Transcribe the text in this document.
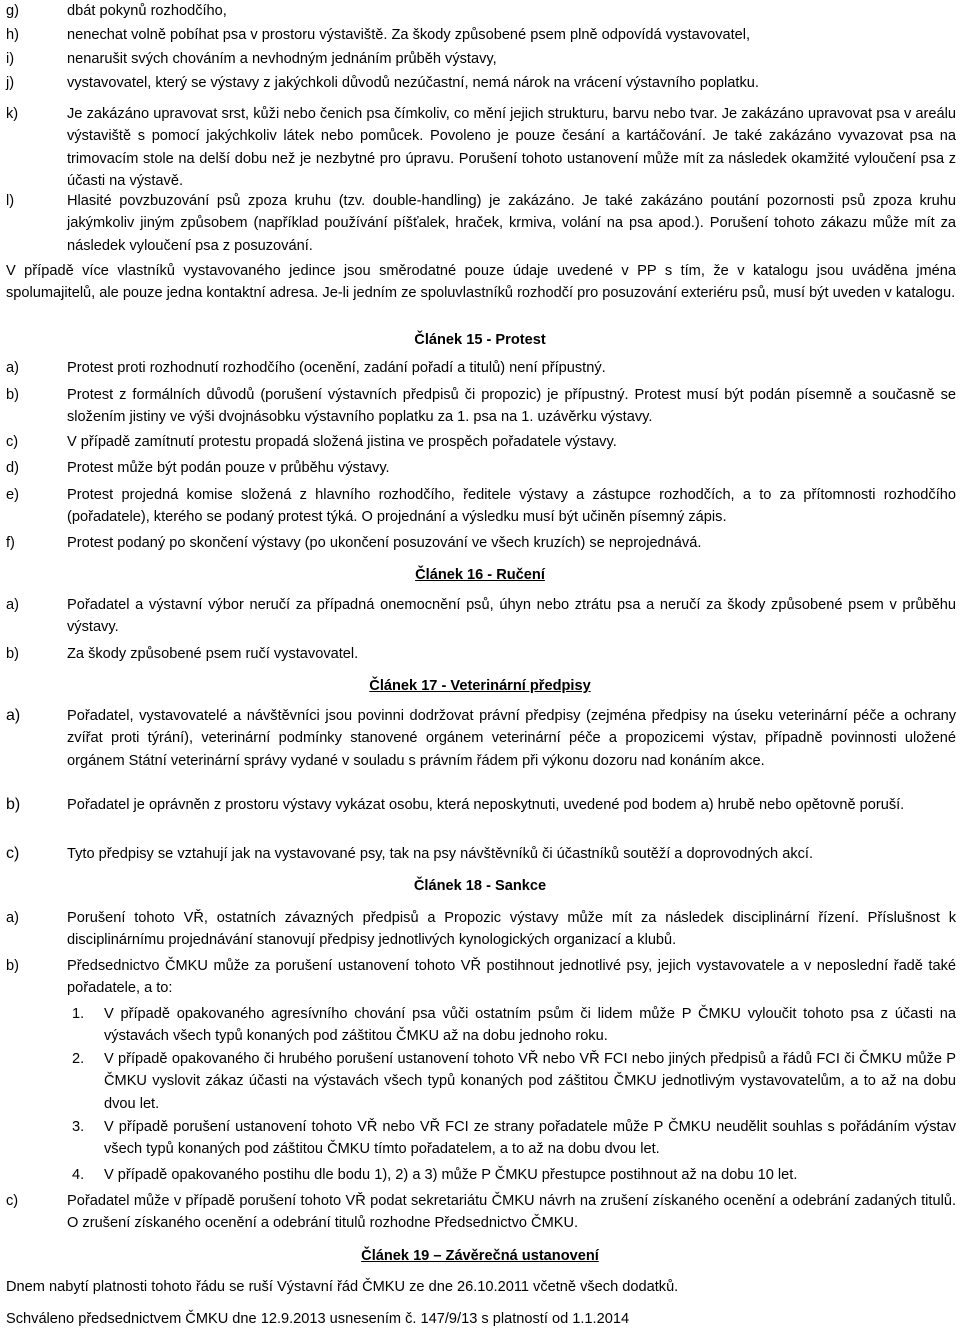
g)	dbát pokynů rozhodčího,
h)	nenechat volně pobíhat psa v prostoru výstaviště. Za škody způsobené psem plně odpovídá vystavovatel,
i)	nenarušit svých chováním a nevhodným jednáním průběh výstavy,
j)	vystavovatel, který se výstavy z jakýchkoli důvodů nezúčastní, nemá nárok na vrácení výstavního poplatku.
k)	Je zakázáno upravovat srst, kůži nebo čenich psa čímkoliv, co mění jejich strukturu, barvu nebo tvar. Je zakázáno upravovat psa v areálu výstaviště s pomocí jakýchkoliv látek nebo pomůcek. Povoleno je pouze česání a kartáčování. Je také zakázáno vyvazovat psa na trimovacím stole na delší dobu než je nezbytné pro úpravu. Porušení tohoto ustanovení může mít za následek okamžité vyloučení psa z účasti na výstavě.
l)	Hlasité povzbuzování psů zpoza kruhu (tzv. double-handling) je zakázáno. Je také zakázáno poutání pozornosti psů zpoza kruhu jakýmkoliv jiným způsobem (například používání píšťalek, hraček, krmiva, volání na psa apod.). Porušení tohoto zákazu může mít za následek vyloučení psa z posuzování.
V případě více vlastníků vystavovaného jedince jsou směrodatné pouze údaje uvedené v PP s tím, že v katalogu jsou uváděna jména spolumajitelů, ale pouze jedna kontaktní adresa. Je-li jedním ze spoluvlastníků rozhodčí pro posuzování exteriéru psů, musí být uveden v katalogu.
Článek 15 - Protest
a)	Protest proti rozhodnutí rozhodčího (ocenění, zadání pořadí a titulů) není přípustný.
b)	Protest z formálních důvodů (porušení výstavních předpisů či propozic) je přípustný. Protest musí být podán písemně a současně se složením jistiny ve výši dvojnásobku výstavního poplatku za 1. psa na 1. uzávěrku výstavy.
c)	V případě zamítnutí protestu propadá složená jistina ve prospěch pořadatele výstavy.
d)	Protest může být podán pouze v průběhu výstavy.
e)	Protest projedná komise složená z hlavního rozhodčího, ředitele výstavy a zástupce rozhodčích, a to za přítomnosti rozhodčího (pořadatele), kterého se podaný protest týká. O projednání a výsledku musí být učiněn písemný zápis.
f)	Protest podaný po skončení výstavy (po ukončení posuzování ve všech kruzích) se neprojednává.
Článek 16 - Ručení
a)	Pořadatel a výstavní výbor neručí za případná onemocnění psů, úhyn nebo ztrátu psa a neručí za škody způsobené psem v průběhu výstavy.
b)	Za škody způsobené psem ručí vystavovatel.
Článek 17 - Veterinární předpisy
a)	Pořadatel, vystavovatelé a návštěvníci jsou povinni dodržovat právní předpisy (zejména předpisy na úseku veterinární péče a ochrany zvířat proti týrání), veterinární podmínky stanovené orgánem veterinární péče a propozicemi výstav, případně povinnosti uložené orgánem Státní veterinární správy vydané v souladu s právním řádem při výkonu dozoru nad konáním akce.
b)	Pořadatel je oprávněn z prostoru výstavy vykázat osobu, která neposkytnuti, uvedené pod bodem a) hrubě nebo opětovně poruší.
c)	Tyto předpisy se vztahují jak na vystavované psy, tak na psy návštěvníků či účastníků soutěží a doprovodných akcí.
Článek 18 - Sankce
a)	Porušení tohoto VŘ, ostatních závazných předpisů a Propozic výstavy může mít za následek disciplinární řízení. Příslušnost k disciplinárnímu projednávání stanovují předpisy jednotlivých kynologických organizací a klubů.
b)	Předsednictvo ČMKU může za porušení ustanovení tohoto VŘ postihnout jednotlivé psy, jejich vystavovatele a v neposlední řadě také pořadatele, a to:
1. V případě opakovaného agresívního chování psa vůči ostatním psům či lidem může P ČMKU vyloučit tohoto psa z účasti na výstavách všech typů konaných pod záštitou ČMKU až na dobu jednoho roku.
2. V případě opakovaného či hrubého porušení ustanovení tohoto VŘ nebo VŘ FCI nebo jiných předpisů a řádů FCI či ČMKU může P ČMKU vyslovit zákaz účasti na výstavách všech typů konaných pod záštitou ČMKU jednotlivým vystavovatelům, a to až na dobu dvou let.
3. V případě porušení ustanovení tohoto VŘ nebo VŘ FCI ze strany pořadatele může P ČMKU neudělit souhlas s pořádáním výstav všech typů konaných pod záštitou ČMKU tímto pořadatelem, a to až na dobu dvou let.
4. V případě opakovaného postihu dle bodu 1), 2) a 3) může P ČMKU přestupce postihnout až na dobu 10 let.
c)	Pořadatel může v případě porušení tohoto VŘ podat sekretariátu ČMKU návrh na zrušení získaného ocenění a odebrání zadaných titulů. O zrušení získaného ocenění a odebrání titulů rozhodne Předsednictvo ČMKU.
Článek 19 – Závěrečná ustanovení
Dnem nabytí platnosti tohoto řádu se ruší Výstavní řád ČMKU ze dne 26.10.2011 včetně všech dodatků.
Schváleno předsednictvem ČMKU dne 12.9.2013 usnesením č. 147/9/13 s platností od 1.1.2014
